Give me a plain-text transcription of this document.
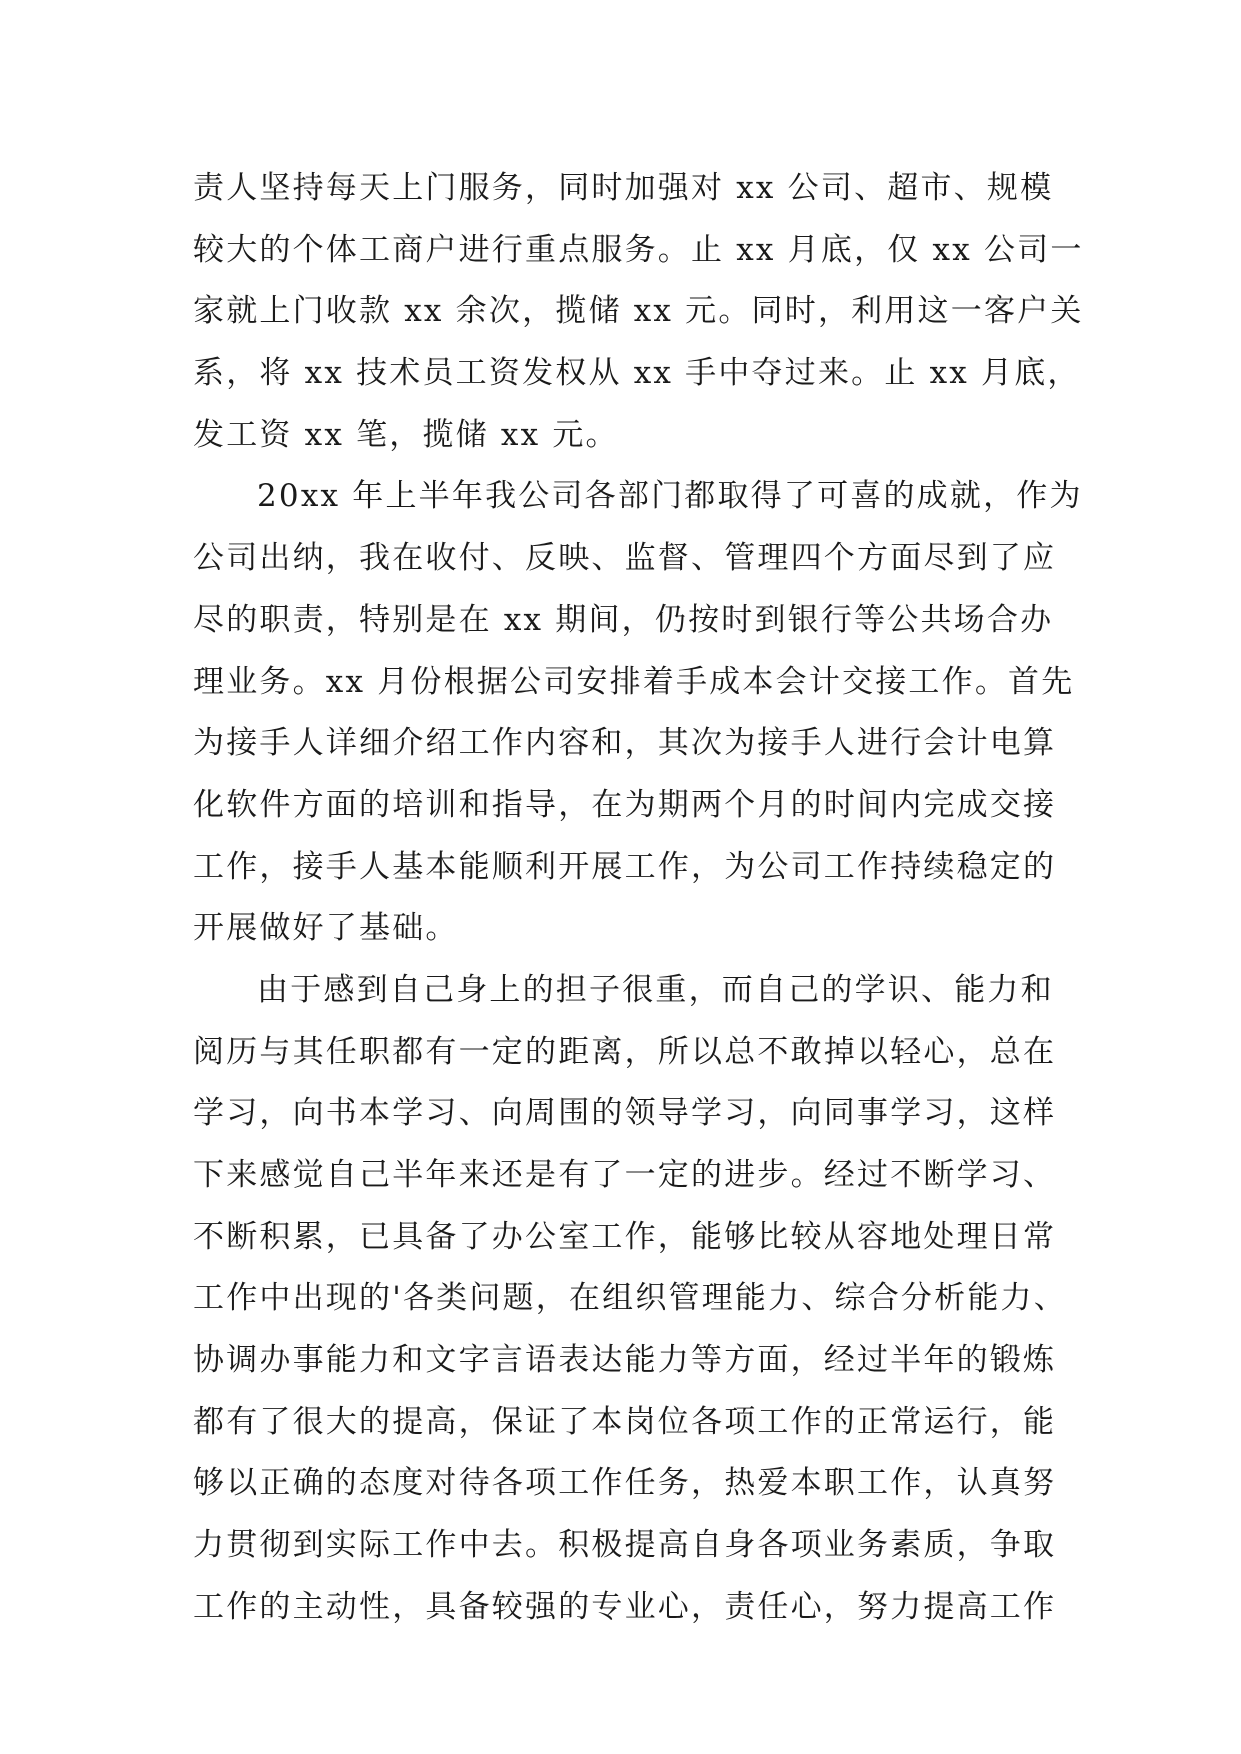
责人坚持每天上门服务，同时加强对 xx 公司、超市、规模
较大的个体工商户进行重点服务。止 xx 月底，仅 xx 公司一
家就上门收款 xx 余次，揽储 xx 元。同时，利用这一客户关
系，将 xx 技术员工资发权从 xx 手中夺过来。止 xx 月底，
发工资 xx 笔，揽储 xx 元。
20xx 年上半年我公司各部门都取得了可喜的成就，作为
公司出纳，我在收付、反映、监督、管理四个方面尽到了应
尽的职责，特别是在 xx 期间，仍按时到银行等公共场合办
理业务。xx 月份根据公司安排着手成本会计交接工作。首先
为接手人详细介绍工作内容和，其次为接手人进行会计电算
化软件方面的培训和指导，在为期两个月的时间内完成交接
工作，接手人基本能顺利开展工作，为公司工作持续稳定的
开展做好了基础。
由于感到自己身上的担子很重，而自己的学识、能力和
阅历与其任职都有一定的距离，所以总不敢掉以轻心，总在
学习，向书本学习、向周围的领导学习，向同事学习，这样
下来感觉自己半年来还是有了一定的进步。经过不断学习、
不断积累，已具备了办公室工作，能够比较从容地处理日常
工作中出现的'各类问题，在组织管理能力、综合分析能力、
协调办事能力和文字言语表达能力等方面，经过半年的锻炼
都有了很大的提高，保证了本岗位各项工作的正常运行，能
够以正确的态度对待各项工作任务，热爱本职工作，认真努
力贯彻到实际工作中去。积极提高自身各项业务素质，争取
工作的主动性，具备较强的专业心，责任心，努力提高工作
